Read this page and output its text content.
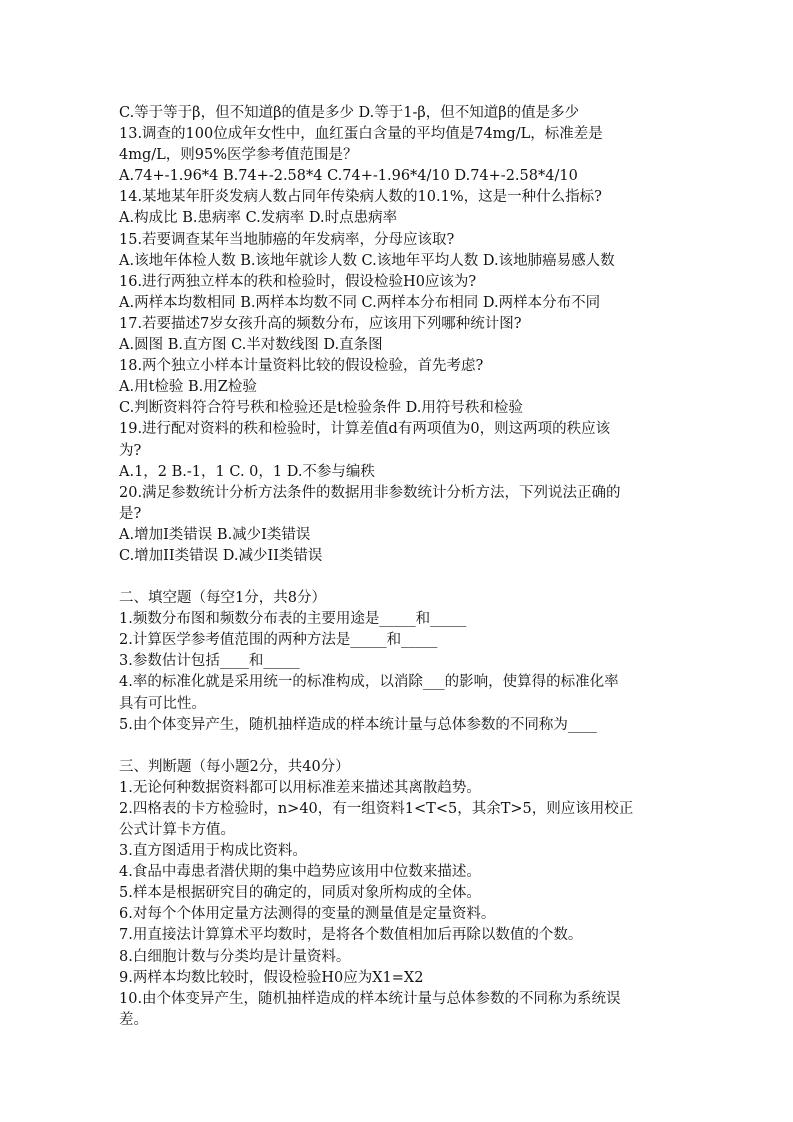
C.等于等于β，但不知道β的值是多少 D.等于1-β，但不知道β的值是多少
13.调查的100位成年女性中，血红蛋白含量的平均值是74mg/L，标准差是
4mg/L，则95%医学参考值范围是？
A.74+-1.96*4 B.74+-2.58*4 C.74+-1.96*4/10 D.74+-2.58*4/10
14.某地某年肝炎发病人数占同年传染病人数的10.1%，这是一种什么指标?
A.构成比 B.患病率 C.发病率 D.时点患病率
15.若要调查某年当地肺癌的年发病率，分母应该取?
A.该地年体检人数 B.该地年就诊人数 C.该地年平均人数 D.该地肺癌易感人数
16.进行两独立样本的秩和检验时，假设检验H0应该为?
A.两样本均数相同 B.两样本均数不同 C.两样本分布相同 D.两样本分布不同
17.若要描述7岁女孩升高的频数分布，应该用下列哪种统计图?
A.圆图 B.直方图 C.半对数线图 D.直条图
18.两个独立小样本计量资料比较的假设检验，首先考虑?
A.用t检验 B.用Z检验
C.判断资料符合符号秩和检验还是t检验条件 D.用符号秩和检验
19.进行配对资料的秩和检验时，计算差值d有两项值为0，则这两项的秩应该
为?
A.1，2 B.-1，1 C. 0，1 D.不参与编秩
20.满足参数统计分析方法条件的数据用非参数统计分析方法，下列说法正确的
是?
A.增加I类错误 B.减少I类错误
C.增加II类错误 D.减少II类错误
二、填空题（每空1分，共8分）
1.频数分布图和频数分布表的主要用途是_____和_____
2.计算医学参考值范围的两种方法是_____和_____
3.参数估计包括____和_____
4.率的标准化就是采用统一的标准构成，以消除___的影响，使算得的标准化率
具有可比性。
5.由个体变异产生，随机抽样造成的样本统计量与总体参数的不同称为____
三、判断题（每小题2分，共40分）
1.无论何种数据资料都可以用标准差来描述其离散趋势。
2.四格表的卡方检验时，n>40，有一组资料1<T<5，其余T>5，则应该用校正
公式计算卡方值。
3.直方图适用于构成比资料。
4.食品中毒患者潜伏期的集中趋势应该用中位数来描述。
5.样本是根据研究目的确定的，同质对象所构成的全体。
6.对每个个体用定量方法测得的变量的测量值是定量资料。
7.用直接法计算算术平均数时，是将各个数值相加后再除以数值的个数。
8.白细胞计数与分类均是计量资料。
9.两样本均数比较时，假设检验H0应为X1=X2
10.由个体变异产生，随机抽样造成的样本统计量与总体参数的不同称为系统误
差。
